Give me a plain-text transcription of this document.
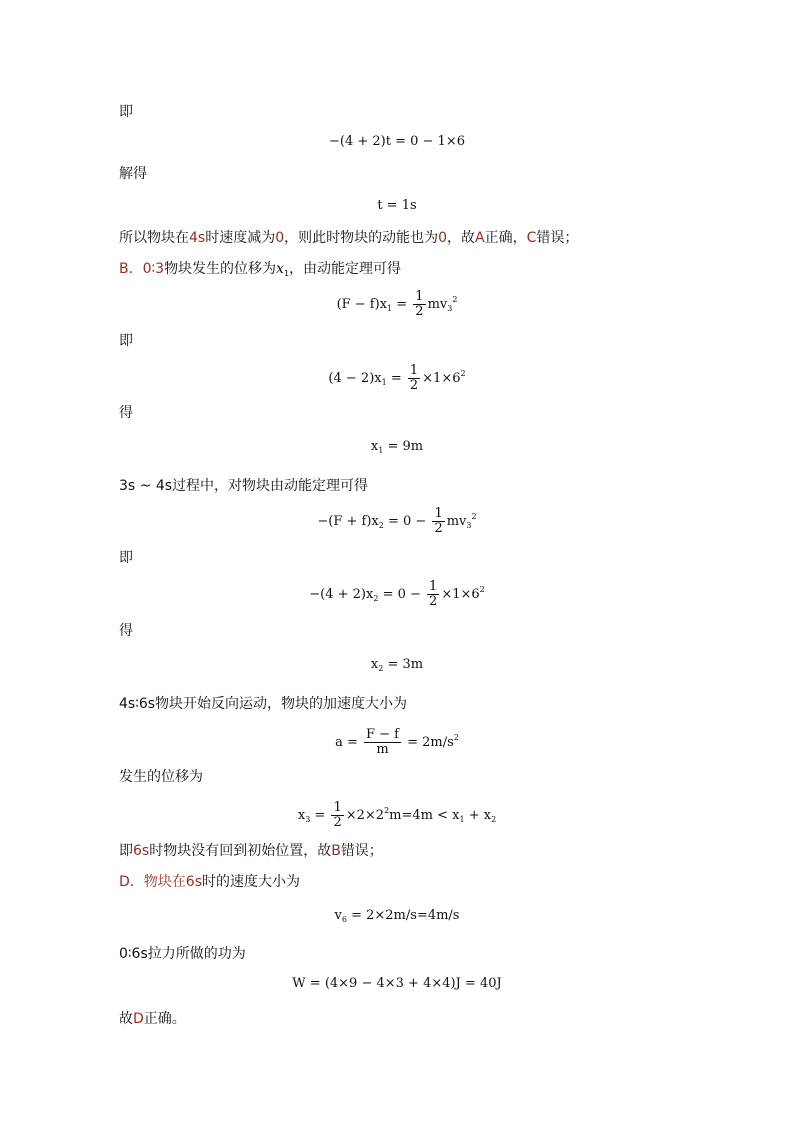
即
−(4 + 2)t = 0 − 1×6
解得
t = 1s
所以物块在4s时速度减为0，则此时物块的动能也为0，故A正确，C错误；
B．0∶3物块发生的位移为$x_1$，由动能定理可得
$(F - f)x_1 = \frac{1}{2} mv_3^2$
即
$(4 - 2)x_1 = \frac{1}{2} \times 1\times 6^2$
得
$x_1 = 9m$
3s ~ 4s过程中，对物块由动能定理可得
$-(F + f)x_2 = 0 - \frac{1}{2} mv_3^2$
即
$-(4 + 2)x_2 = 0 - \frac{1}{2} \times 1\times 6^2$
得
$x_2 = 3m$
4s∶6s物块开始反向运动，物块的加速度大小为
$a = \frac{F - f}{m} = 2m/s^2$
发生的位移为
$x_3 = \frac{1}{2} \times 2\times 2^2m=4m < x_1 + x_2$
即6s时物块没有回到初始位置，故B错误；
D．物块在6s时的速度大小为
$v_6 = 2\times 2m/s=4m/s$
0∶6s拉力所做的功为
W = (4×9 − 4×3 + 4×4)J = 40J
故D正确。
